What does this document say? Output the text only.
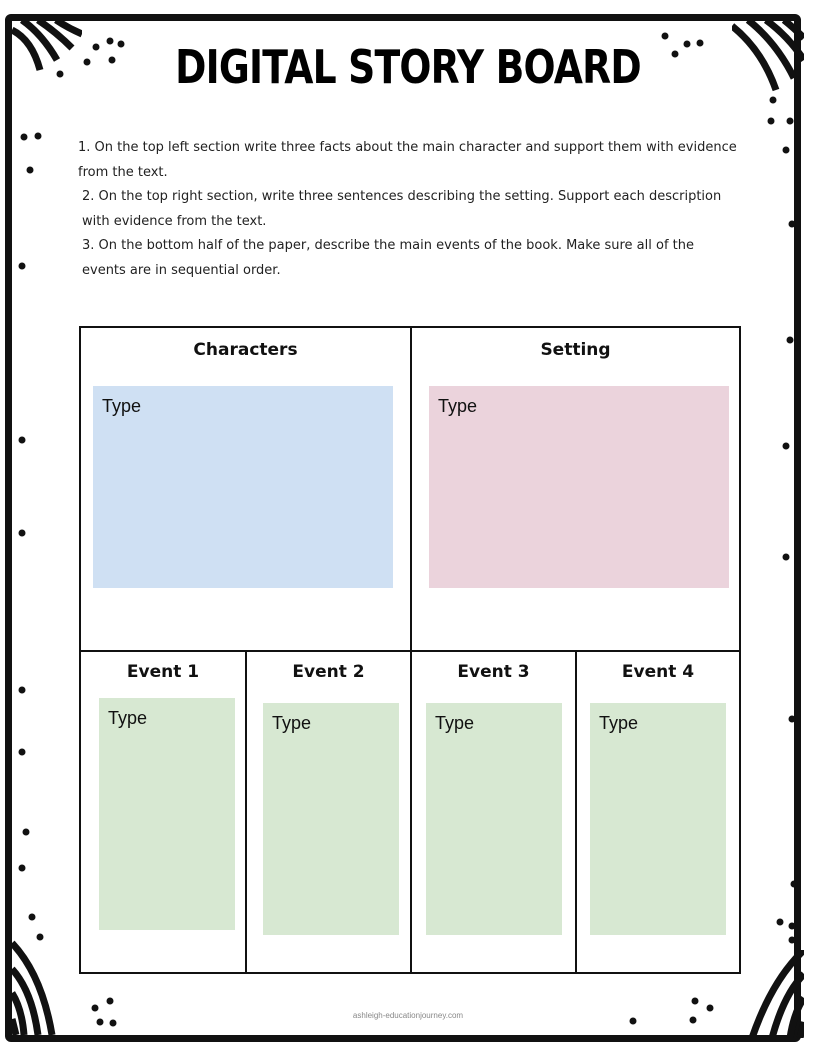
DIGITAL STORY BOARD

1. On the top left section write three facts about the main character and support them with evidence from the text.

2. On the top right section, write three sentences describing the setting. Support each description with evidence from the text.

3. On the bottom half of the paper, describe the main events of the book. Make sure all of the events are in sequential order.

Characters	Setting
Type	Type
Event 1	Event 2	Event 3	Event 4
Type	Type	Type	Type
ashleigh-educationjourney.com
